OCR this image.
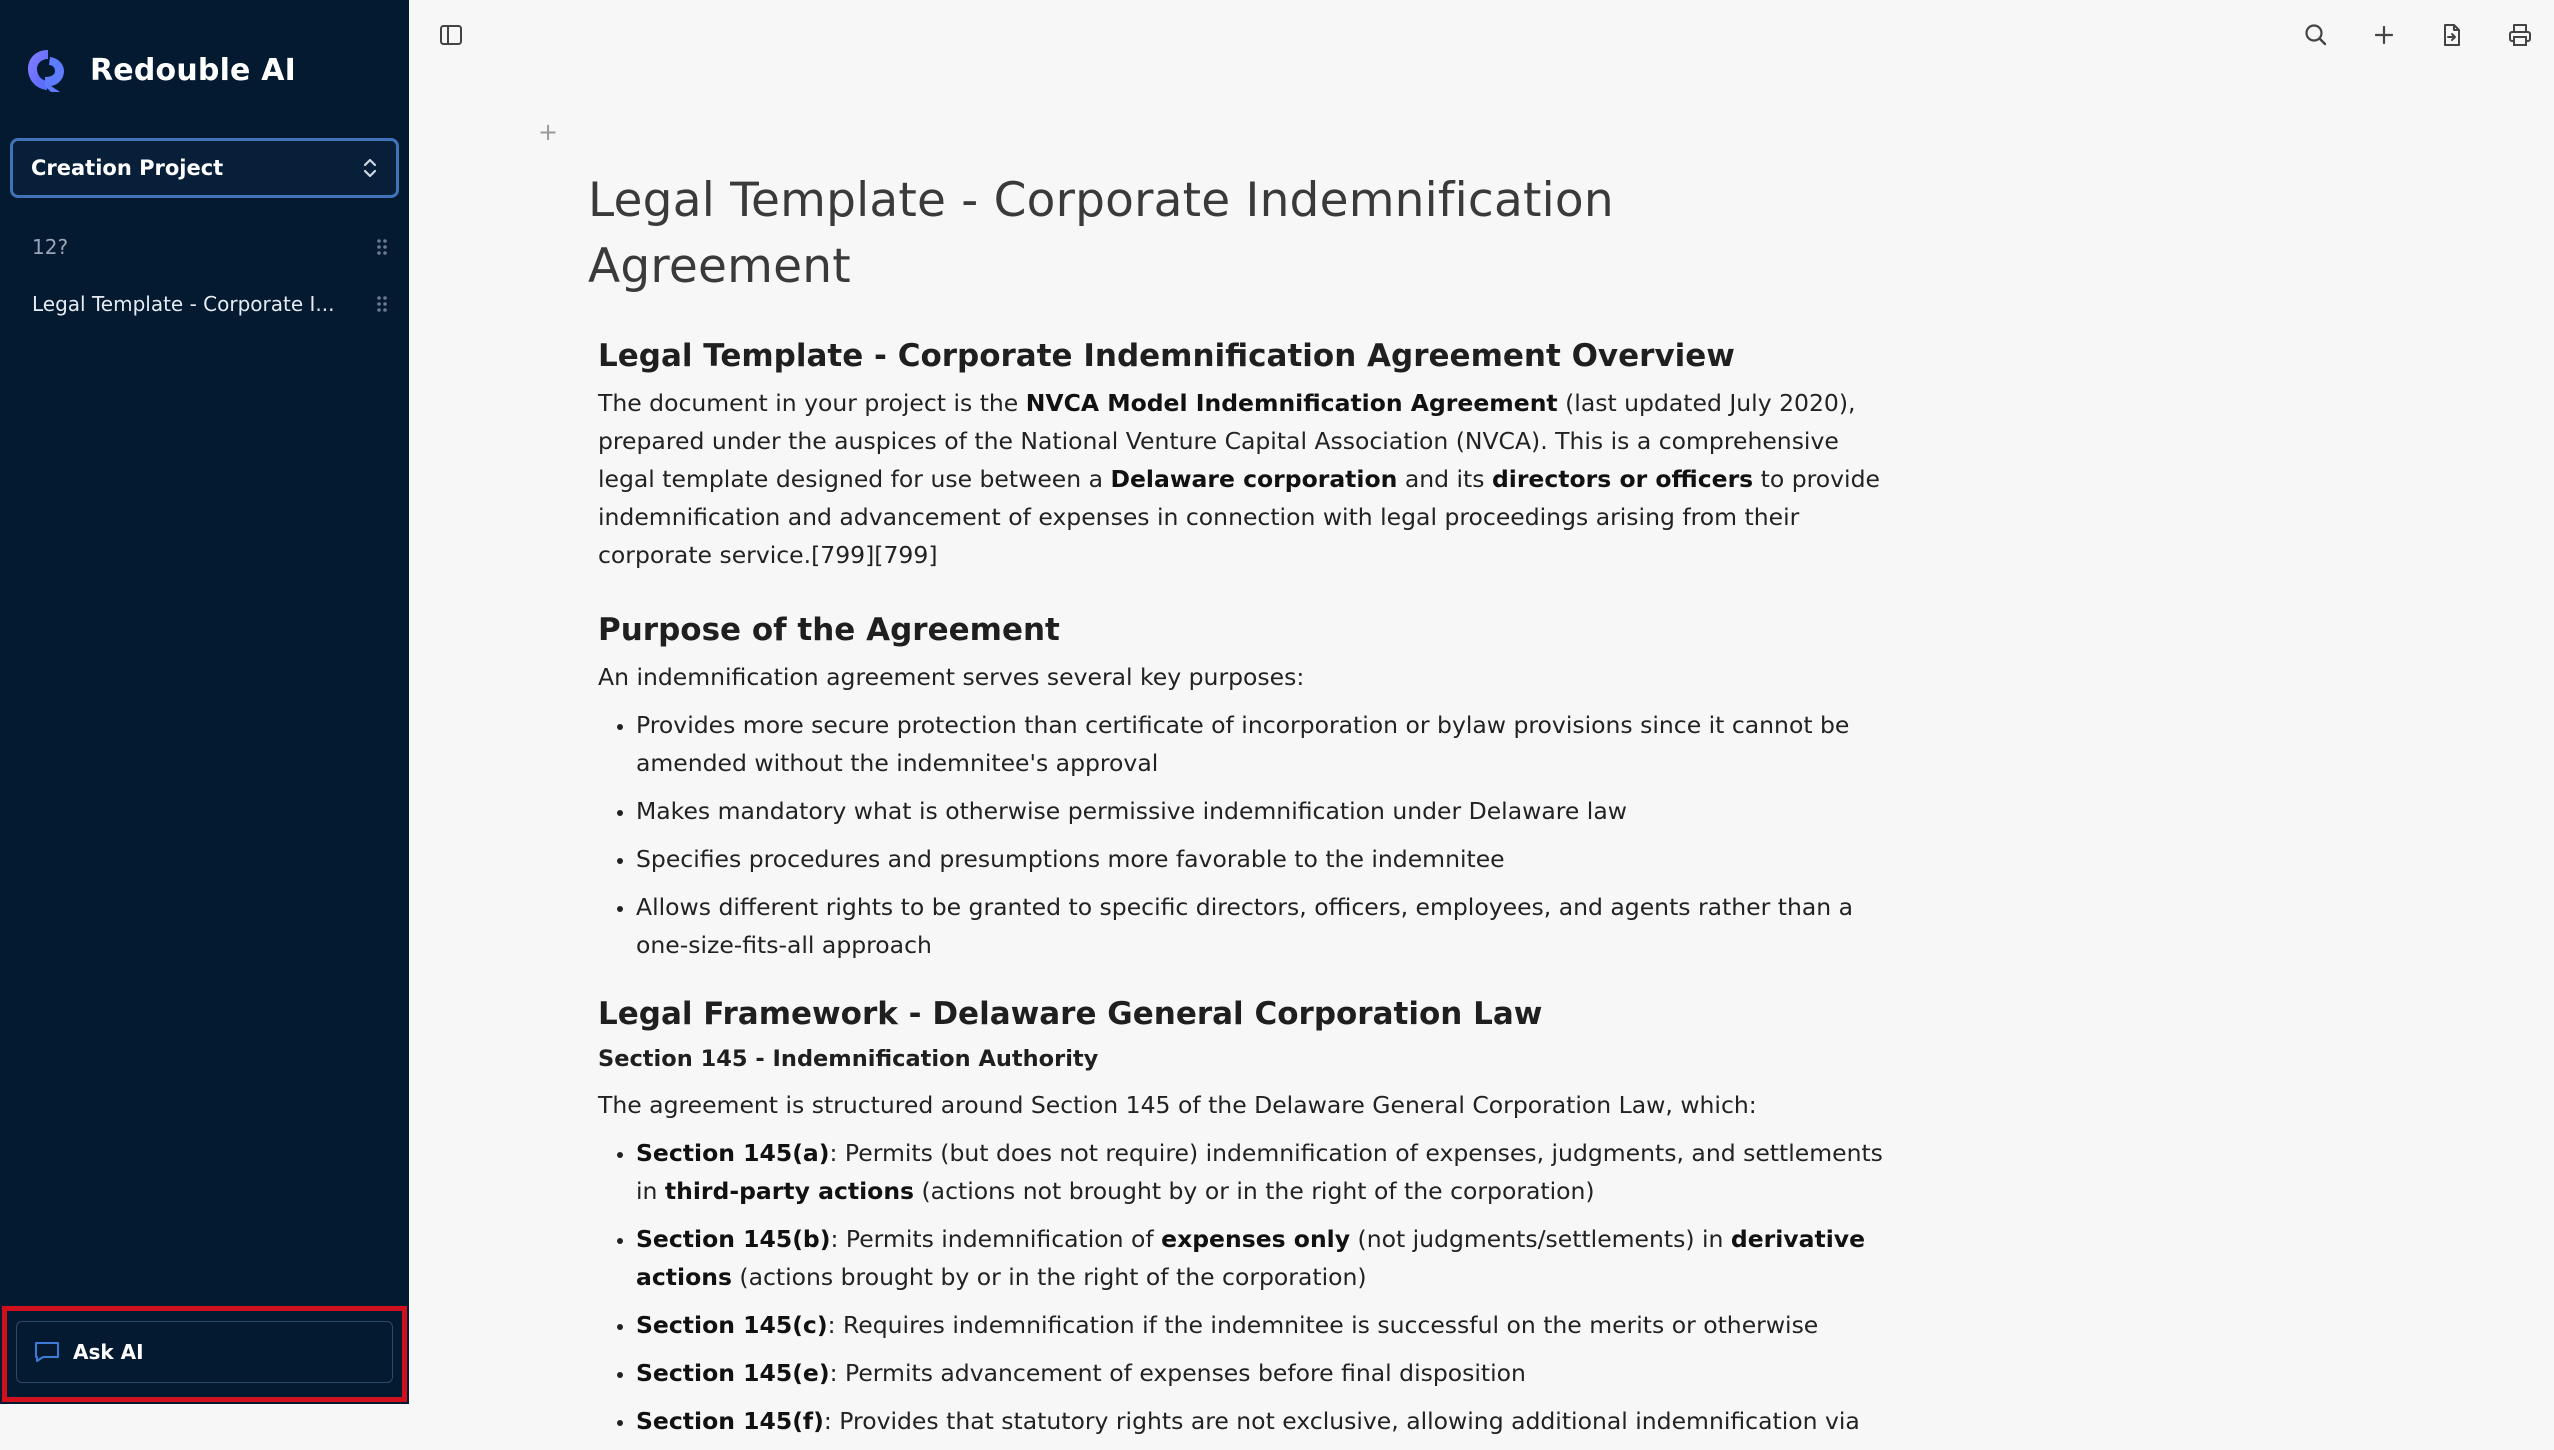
Redouble AI
Creation Project
12?
Legal Template - Corporate I...
Ask AI
+
Legal Template - Corporate Indemnification Agreement
Legal Template - Corporate Indemnification Agreement Overview

The document in your project is the NVCA Model Indemnification Agreement (last updated July 2020), prepared under the auspices of the National Venture Capital Association (NVCA). This is a comprehensive legal template designed for use between a Delaware corporation and its directors or officers to provide indemnification and advancement of expenses in connection with legal proceedings arising from their corporate service.[799][799]

Purpose of the Agreement

An indemnification agreement serves several key purposes:

• Provides more secure protection than certificate of incorporation or bylaw provisions since it cannot be amended without the indemnitee's approval
• Makes mandatory what is otherwise permissive indemnification under Delaware law
• Specifies procedures and presumptions more favorable to the indemnitee
• Allows different rights to be granted to specific directors, officers, employees, and agents rather than a one-size-fits-all approach
Legal Framework - Delaware General Corporation Law
Section 145 - Indemnification Authority

The agreement is structured around Section 145 of the Delaware General Corporation Law, which:

• Section 145(a): Permits (but does not require) indemnification of expenses, judgments, and settlements in third-party actions (actions not brought by or in the right of the corporation)
• Section 145(b): Permits indemnification of expenses only (not judgments/settlements) in derivative actions (actions brought by or in the right of the corporation)
• Section 145(c): Requires indemnification if the indemnitee is successful on the merits or otherwise
• Section 145(e): Permits advancement of expenses before final disposition
• Section 145(f): Provides that statutory rights are not exclusive, allowing additional indemnification via
